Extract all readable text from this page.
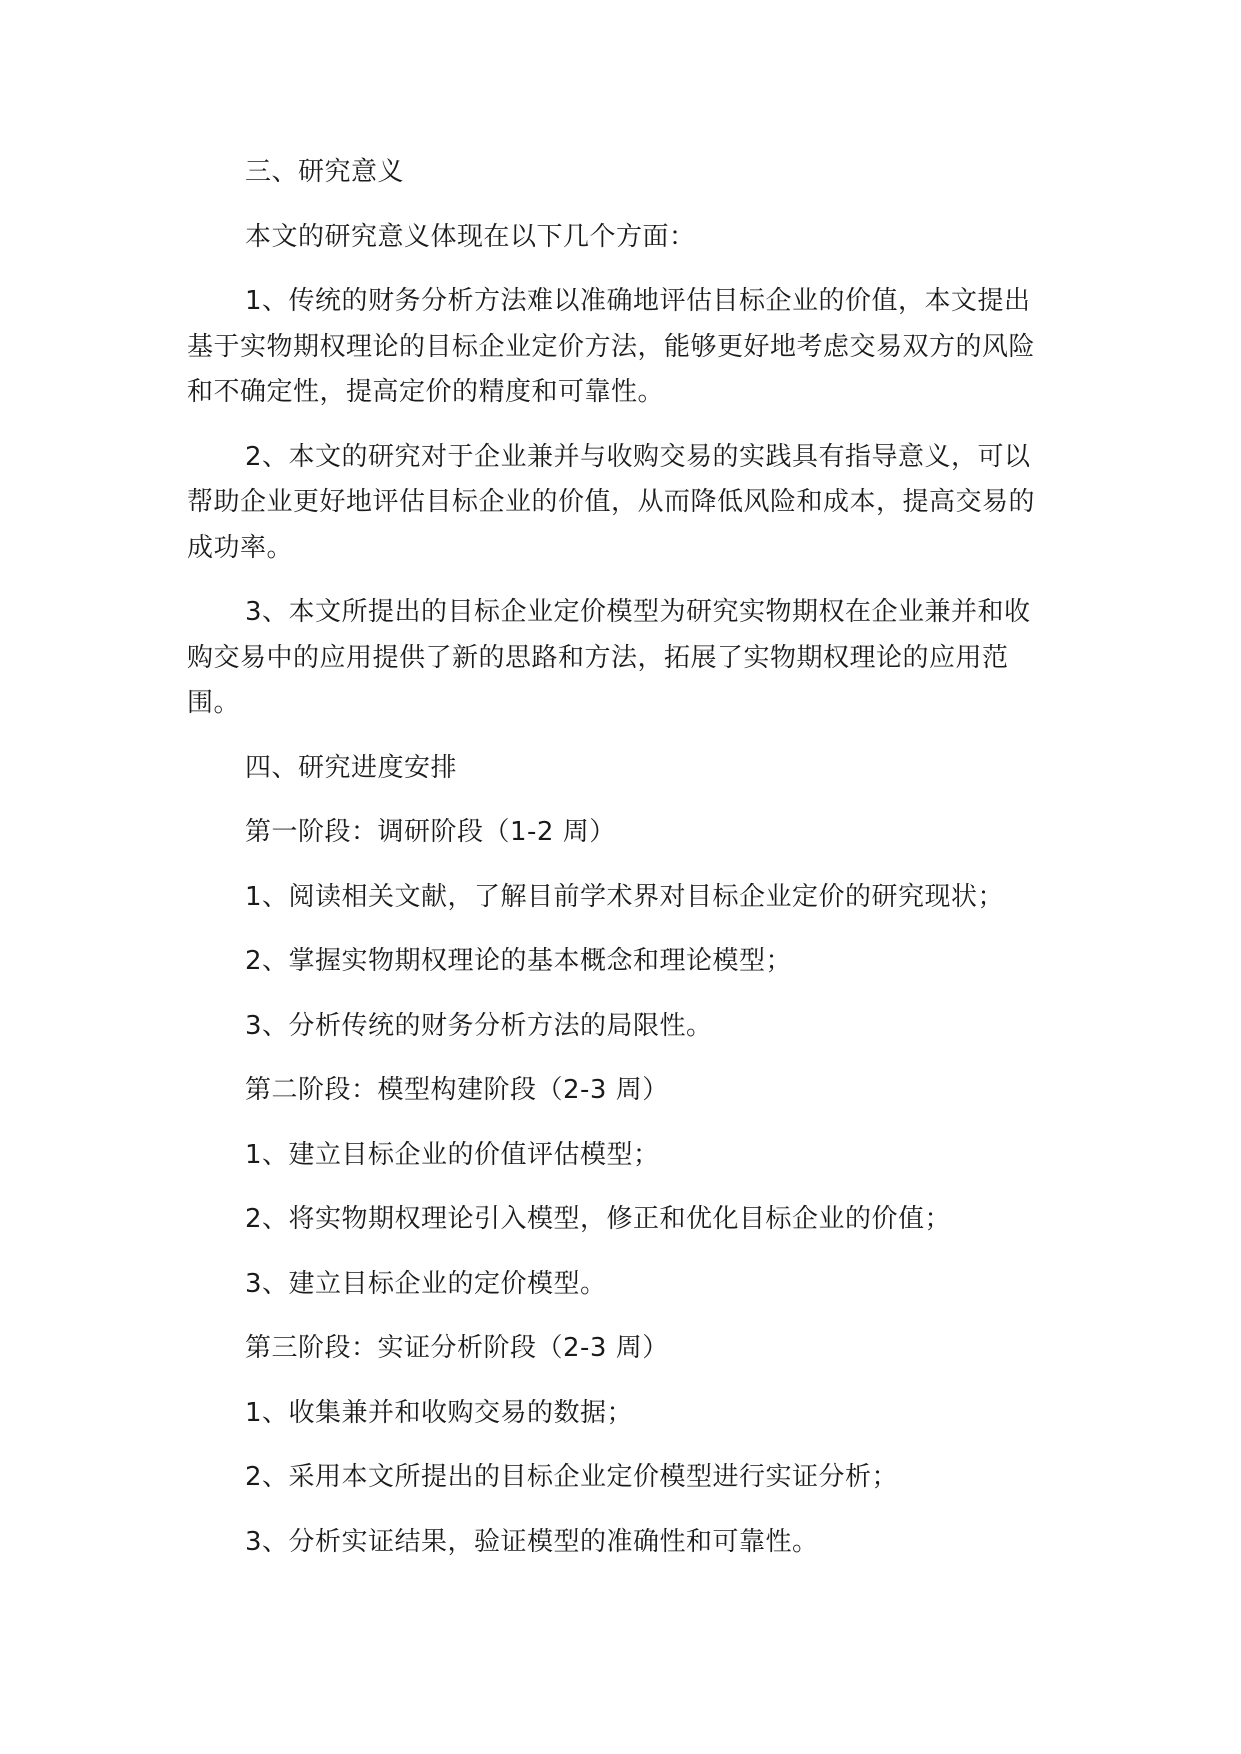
三、研究意义

本文的研究意义体现在以下几个方面：

1、传统的财务分析方法难以准确地评估目标企业的价值，本文提出基于实物期权理论的目标企业定价方法，能够更好地考虑交易双方的风险和不确定性，提高定价的精度和可靠性。

2、本文的研究对于企业兼并与收购交易的实践具有指导意义，可以帮助企业更好地评估目标企业的价值，从而降低风险和成本，提高交易的成功率。

3、本文所提出的目标企业定价模型为研究实物期权在企业兼并和收购交易中的应用提供了新的思路和方法，拓展了实物期权理论的应用范围。

四、研究进度安排

第一阶段：调研阶段（1-2 周）

1、阅读相关文献，了解目前学术界对目标企业定价的研究现状；

2、掌握实物期权理论的基本概念和理论模型；

3、分析传统的财务分析方法的局限性。

第二阶段：模型构建阶段（2-3 周）

1、建立目标企业的价值评估模型；

2、将实物期权理论引入模型，修正和优化目标企业的价值；

3、建立目标企业的定价模型。

第三阶段：实证分析阶段（2-3 周）

1、收集兼并和收购交易的数据；

2、采用本文所提出的目标企业定价模型进行实证分析；

3、分析实证结果，验证模型的准确性和可靠性。
